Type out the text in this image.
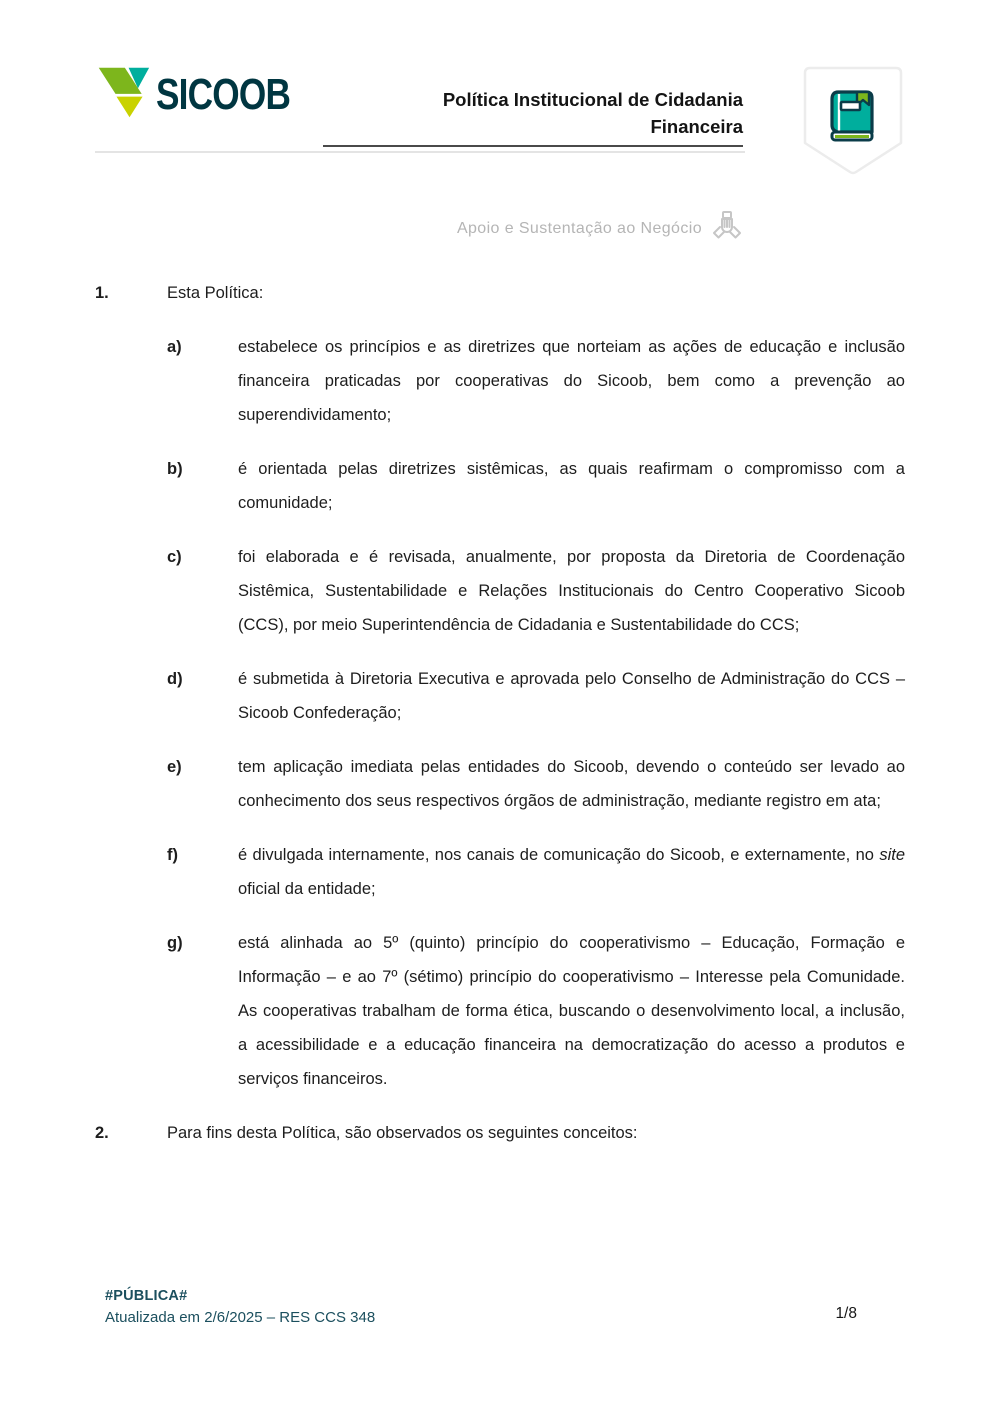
SICOOB	Política Institucional de Cidadania
Financeira
Apoio e Sustentação ao Negócio
1.	Esta Política:
a)	estabelece os princípios e as diretrizes que norteiam as ações de educação e inclusão financeira praticadas por cooperativas do Sicoob, bem como a prevenção ao superendividamento;
b)	é orientada pelas diretrizes sistêmicas, as quais reafirmam o compromisso com a comunidade;
c)	foi elaborada e é revisada, anualmente, por proposta da Diretoria de Coordenação Sistêmica, Sustentabilidade e Relações Institucionais do Centro Cooperativo Sicoob (CCS), por meio Superintendência de Cidadania e Sustentabilidade do CCS;
d)	é submetida à Diretoria Executiva e aprovada pelo Conselho de Administração do CCS – Sicoob Confederação;
e)	tem aplicação imediata pelas entidades do Sicoob, devendo o conteúdo ser levado ao conhecimento dos seus respectivos órgãos de administração, mediante registro em ata;
f)	é divulgada internamente, nos canais de comunicação do Sicoob, e externamente, no site oficial da entidade;
g)	está alinhada ao 5º (quinto) princípio do cooperativismo – Educação, Formação e Informação – e ao 7º (sétimo) princípio do cooperativismo – Interesse pela Comunidade. As cooperativas trabalham de forma ética, buscando o desenvolvimento local, a inclusão, a acessibilidade e a educação financeira na democratização do acesso a produtos e serviços financeiros.
2.	Para fins desta Política, são observados os seguintes conceitos:
#PÚBLICA#
Atualizada em 2/6/2025 – RES CCS 348	1/8
